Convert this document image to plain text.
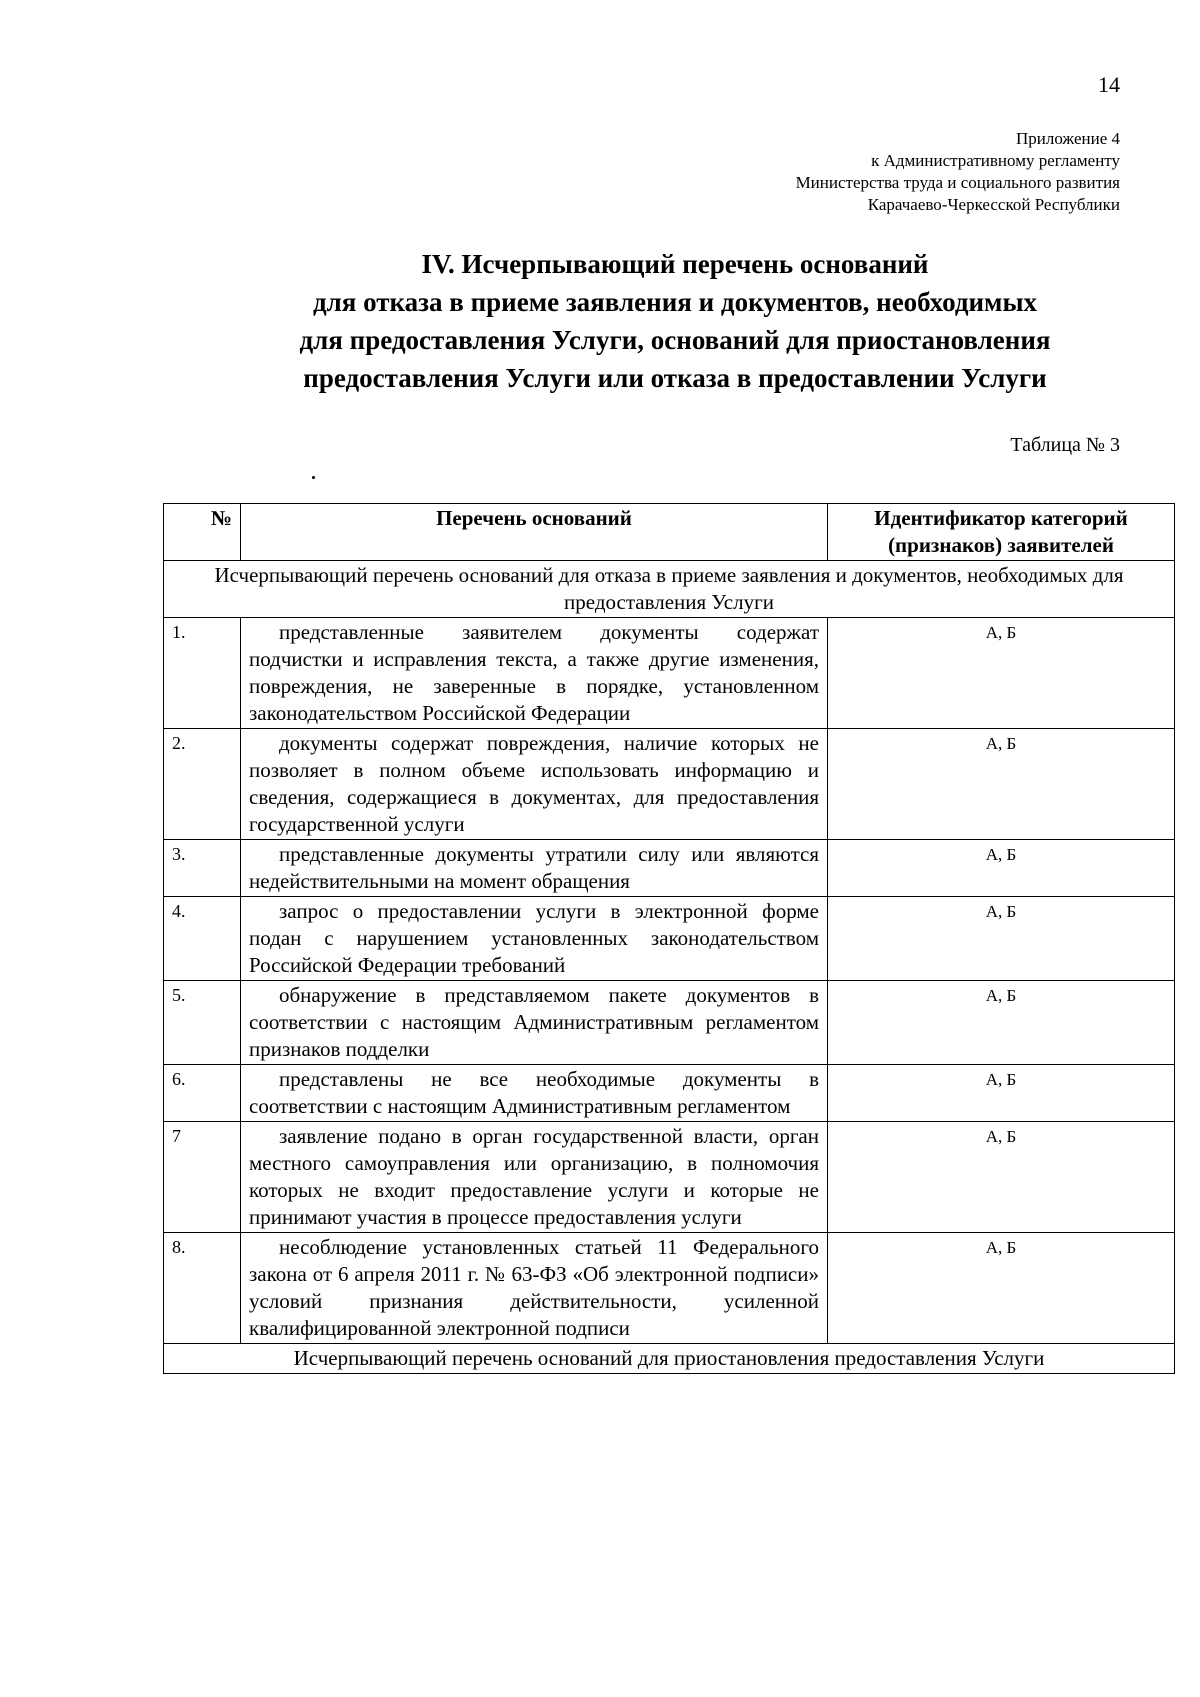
14
Приложение 4
к Административному регламенту
Министерства труда и социального развития
Карачаево-Черкесской Республики
IV. Исчерпывающий перечень оснований
для отказа в приеме заявления и документов, необходимых
для предоставления Услуги, оснований для приостановления
предоставления Услуги или отказа в предоставлении Услуги
Таблица № 3
№	Перечень оснований	Идентификатор категорий (признаков) заявителей
Исчерпывающий перечень оснований для отказа в приеме заявления и документов, необходимых для предоставления Услуги		
1.	представленные заявителем документы содержат подчистки и исправления текста, а также другие изменения, повреждения, не заверенные в порядке, установленном законодательством Российской Федерации	А, Б
2.	документы содержат повреждения, наличие которых не позволяет в полном объеме использовать информацию и сведения, содержащиеся в документах, для предоставления государственной услуги	А, Б
3.	представленные документы утратили силу или являются недействительными на момент обращения	А, Б
4.	запрос о предоставлении услуги в электронной форме подан с нарушением установленных законодательством Российской Федерации требований	А, Б
5.	обнаружение в представляемом пакете документов в соответствии с настоящим Административным регламентом признаков подделки	А, Б
6.	представлены не все необходимые документы в соответствии с настоящим Административным регламентом	А, Б
7	заявление подано в орган государственной власти, орган местного самоуправления или организацию, в полномочия которых не входит предоставление услуги и которые не принимают участия в процессе предоставления услуги	А, Б
8.	несоблюдение установленных статьей 11 Федерального закона от 6 апреля 2011 г. № 63-ФЗ «Об электронной подписи» условий признания действительности, усиленной квалифицированной электронной подписи	А, Б
Исчерпывающий перечень оснований для приостановления предоставления Услуги		
